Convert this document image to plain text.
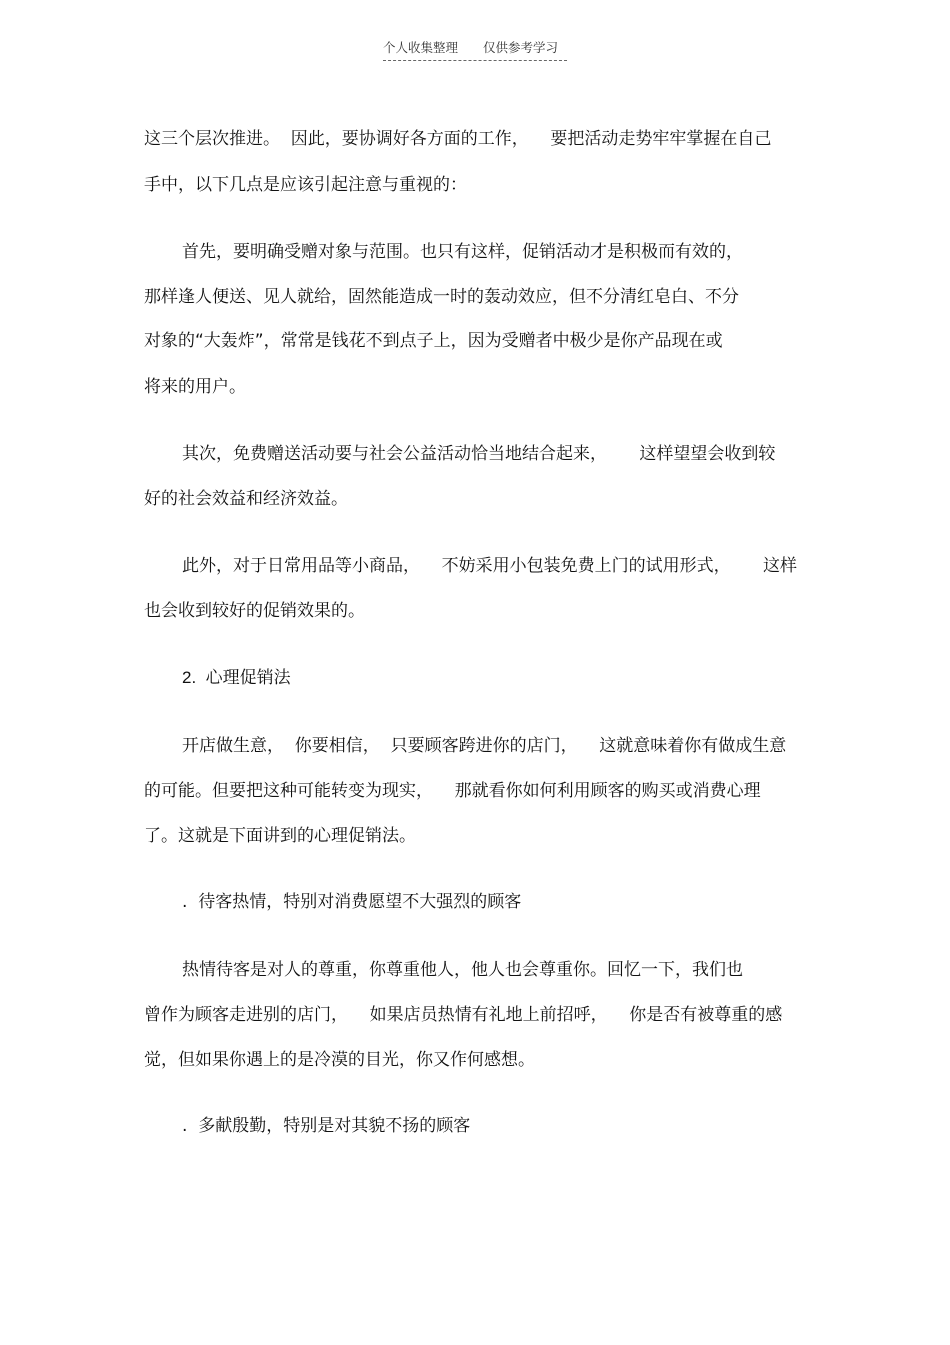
个人收集整理	仅供参考学习
这三个层次推进。  因此，要协调好各方面的工作，    要把活动走势牢牢掌握在自己
手中，以下几点是应该引起注意与重视的：
首先，要明确受赠对象与范围。也只有这样，促销活动才是积极而有效的，
那样逢人便送、见人就给，固然能造成一时的轰动效应，但不分清红皂白、不分
对象的“大轰炸”，常常是钱花不到点子上，因为受赠者中极少是你产品现在或
将来的用户。
其次，免费赠送活动要与社会公益活动恰当地结合起来，      这样望望会收到较
好的社会效益和经济效益。
此外，对于日常用品等小商品，    不妨采用小包装免费上门的试用形式，      这样
也会收到较好的促销效果的。
2.  心理促销法
开店做生意，  你要相信，  只要顾客跨进你的店门，    这就意味着你有做成生意
的可能。但要把这种可能转变为现实，    那就看你如何利用顾客的购买或消费心理
了。这就是下面讲到的心理促销法。
.  待客热情，特别对消费愿望不大强烈的顾客
热情待客是对人的尊重，你尊重他人，他人也会尊重你。回忆一下，我们也
曾作为顾客走进别的店门，    如果店员热情有礼地上前招呼，    你是否有被尊重的感
觉，但如果你遇上的是冷漠的目光，你又作何感想。
.  多献殷勤，特别是对其貌不扬的顾客
